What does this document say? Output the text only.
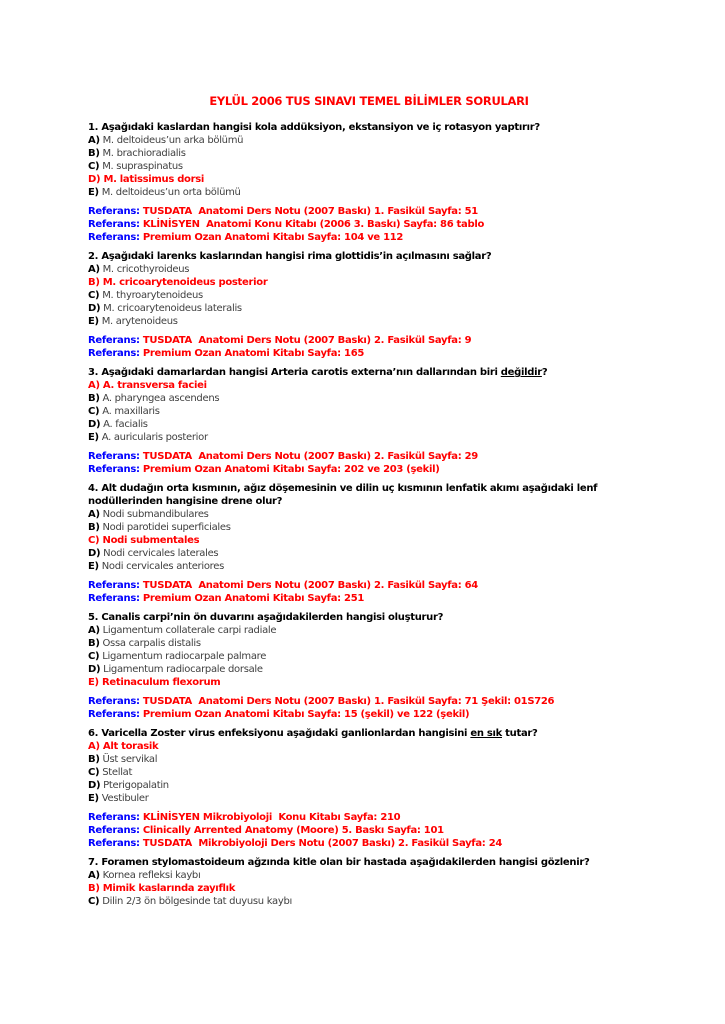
EYLÜL 2006 TUS SINAVI TEMEL BİLİMLER SORULARI

1. Aşağıdaki kaslardan hangisi kola addüksiyon, ekstansiyon ve iç rotasyon yaptırır?

A) M. deltoideus’un arka bölümü

B) M. brachioradialis

C) M. supraspinatus

D) M. latissimus dorsi

E) M. deltoideus’un orta bölümü

Referans: TUSDATA  Anatomi Ders Notu (2007 Baskı) 1. Fasikül Sayfa: 51

Referans: KLİNİSYEN  Anatomi Konu Kitabı (2006 3. Baskı) Sayfa: 86 tablo

Referans: Premium Ozan Anatomi Kitabı Sayfa: 104 ve 112

2. Aşağıdaki larenks kaslarından hangisi rima glottidis’in açılmasını sağlar?

A) M. cricothyroideus

B) M. cricoarytenoideus posterior

C) M. thyroarytenoideus

D) M. cricoarytenoideus lateralis

E) M. arytenoideus

Referans: TUSDATA  Anatomi Ders Notu (2007 Baskı) 2. Fasikül Sayfa: 9

Referans: Premium Ozan Anatomi Kitabı Sayfa: 165

3. Aşağıdaki damarlardan hangisi Arteria carotis externa’nın dallarından biri değildir?

A) A. transversa faciei

B) A. pharyngea ascendens

C) A. maxillaris

D) A. facialis

E) A. auricularis posterior

Referans: TUSDATA  Anatomi Ders Notu (2007 Baskı) 2. Fasikül Sayfa: 29

Referans: Premium Ozan Anatomi Kitabı Sayfa: 202 ve 203 (şekil)

4. Alt dudağın orta kısmının, ağız döşemesinin ve dilin uç kısmının lenfatik akımı aşağıdaki lenf nodüllerinden hangisine drene olur?

A) Nodi submandibulares

B) Nodi parotidei superficiales

C) Nodi submentales

D) Nodi cervicales laterales

E) Nodi cervicales anteriores

Referans: TUSDATA  Anatomi Ders Notu (2007 Baskı) 2. Fasikül Sayfa: 64

Referans: Premium Ozan Anatomi Kitabı Sayfa: 251

5. Canalis carpi’nin ön duvarını aşağıdakilerden hangisi oluşturur?

A) Ligamentum collaterale carpi radiale

B) Ossa carpalis distalis

C) Ligamentum radiocarpale palmare

D) Ligamentum radiocarpale dorsale

E) Retinaculum flexorum

Referans: TUSDATA  Anatomi Ders Notu (2007 Baskı) 1. Fasikül Sayfa: 71 Şekil: 01S726

Referans: Premium Ozan Anatomi Kitabı Sayfa: 15 (şekil) ve 122 (şekil)

6. Varicella Zoster virus enfeksiyonu aşağıdaki ganlionlardan hangisini en sık tutar?

A) Alt torasik

B) Üst servikal

C) Stellat

D) Pterigopalatin

E) Vestibuler

Referans: KLİNİSYEN Mikrobiyoloji  Konu Kitabı Sayfa: 210

Referans: Clinically Arrented Anatomy (Moore) 5. Baskı Sayfa: 101

Referans: TUSDATA  Mikrobiyoloji Ders Notu (2007 Baskı) 2. Fasikül Sayfa: 24

7. Foramen stylomastoideum ağzında kitle olan bir hastada aşağıdakilerden hangisi gözlenir?

A) Kornea refleksi kaybı

B) Mimik kaslarında zayıflık

C) Dilin 2/3 ön bölgesinde tat duyusu kaybı
